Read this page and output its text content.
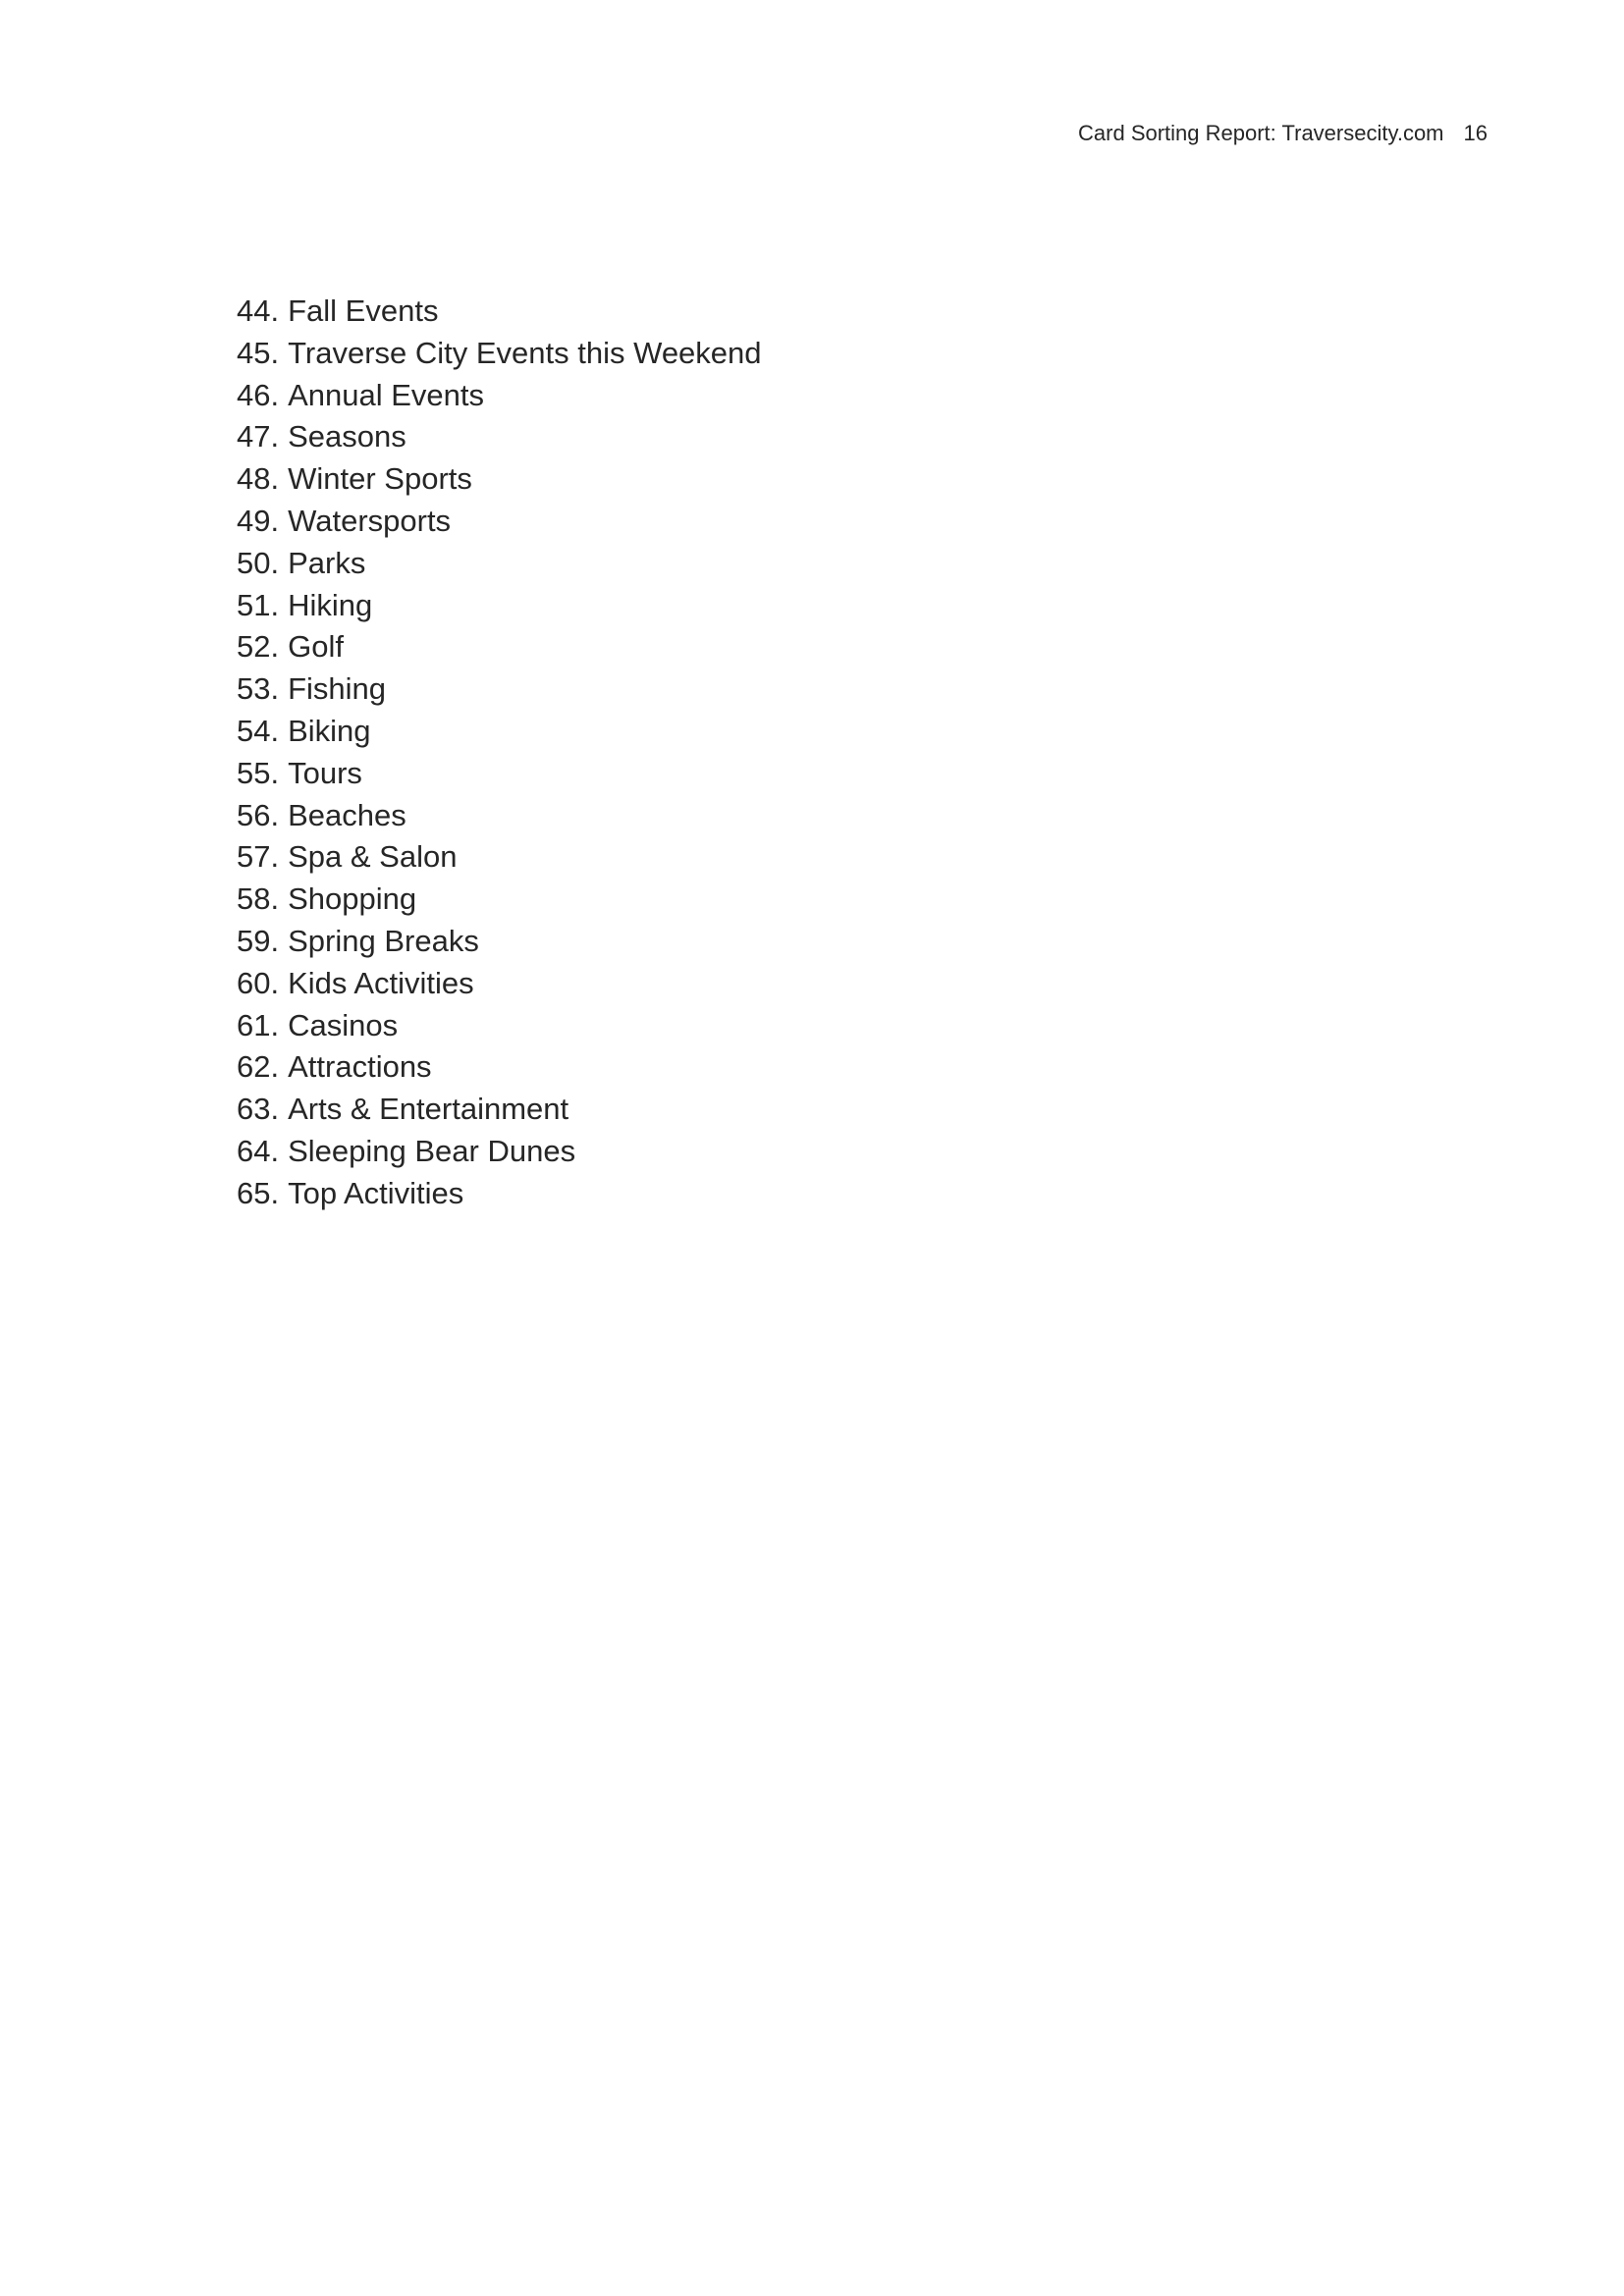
Card Sorting Report: Traversecity.com 16
44. Fall Events
45. Traverse City Events this Weekend
46. Annual Events
47. Seasons
48. Winter Sports
49. Watersports
50. Parks
51. Hiking
52. Golf
53. Fishing
54. Biking
55. Tours
56. Beaches
57. Spa & Salon
58. Shopping
59. Spring Breaks
60. Kids Activities
61. Casinos
62. Attractions
63. Arts & Entertainment
64. Sleeping Bear Dunes
65. Top Activities
